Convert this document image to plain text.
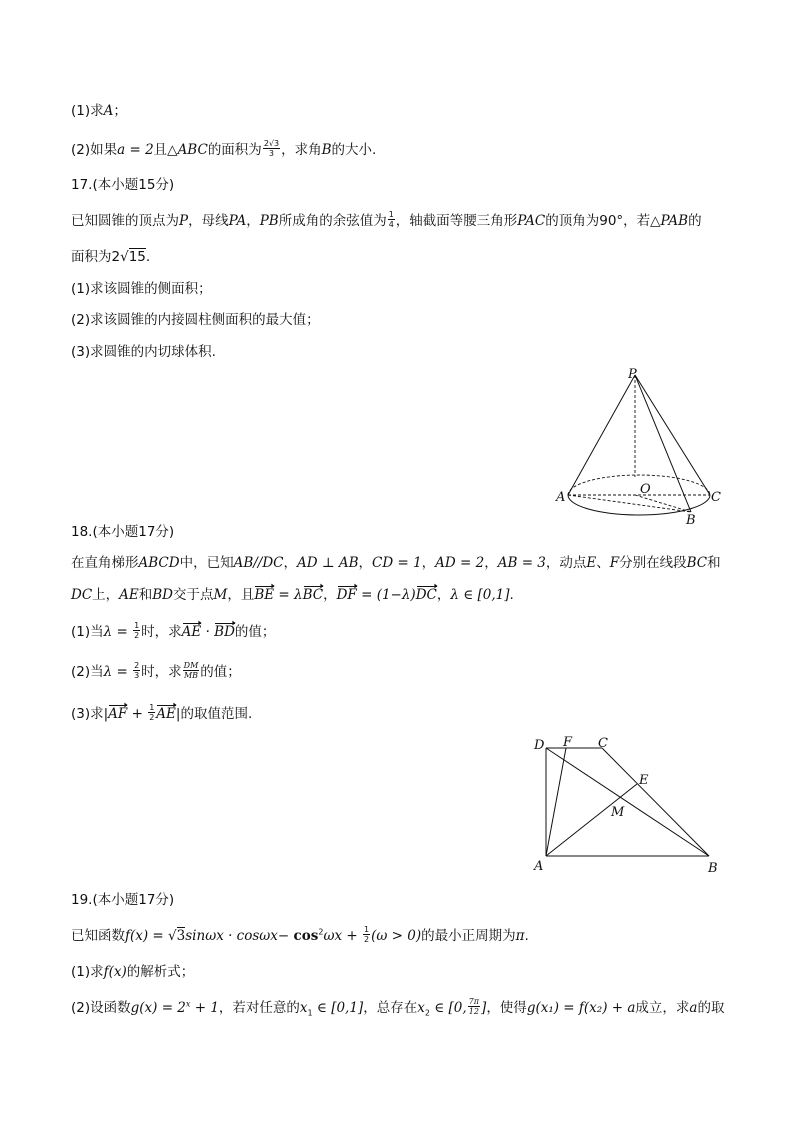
(1)求A；
(2)如果a = 2且△ABC的面积为 $\frac{2√3}{3}$ ，求角B的大小.
17.(本小题15分)
已知圆锥的顶点为P，母线PA，PB所成角的余弦值为 $\frac{1}{4}$ ，轴截面等腰三角形PAC的顶角为90°，若△PAB的
面积为2√15.
(1)求该圆锥的侧面积；
(2)求该圆锥的内接圆柱侧面积的最大值；
(3)求圆锥的内切球体积.
P
O
A	C
B
18.(本小题17分)
在直角梯形ABCD中，已知AB//DC，AD ⊥ AB，CD = 1，AD = 2，AB = 3，动点E、F分别在线段BC和
DC上，AE和BD交于点M，且BE = λBC，DF = (1−λ)DC，λ ∈ [0,1].
(1)当$\lambda = \frac{1}{2}$ 时，求AE · BD的值；
(2)当$\lambda = \frac{2}{3}$ 时，求 $\frac{DM}{MB}$ 的值；
(3)求$|AF + \frac{1}{2} AE|$的取值范围.
D F C
E
M
A	B
19.(本小题17分)
已知函数$f(x) = √3\sin\omega x \cdot \cos\omega x- \cos^2\omega x + \frac{1}{2} (\omega > 0)$的最小正周期为π.
(1)求f(x)的解析式；
(2)设函数$g(x) = 2^x + 1$，若对任意的$x_1$ ∈ [0,1]，总存在$x_2$ ∈ [0, $\frac{7\pi}{12}$ ]，使得g(x₁) = f(x₂) + a成立，求a的取
